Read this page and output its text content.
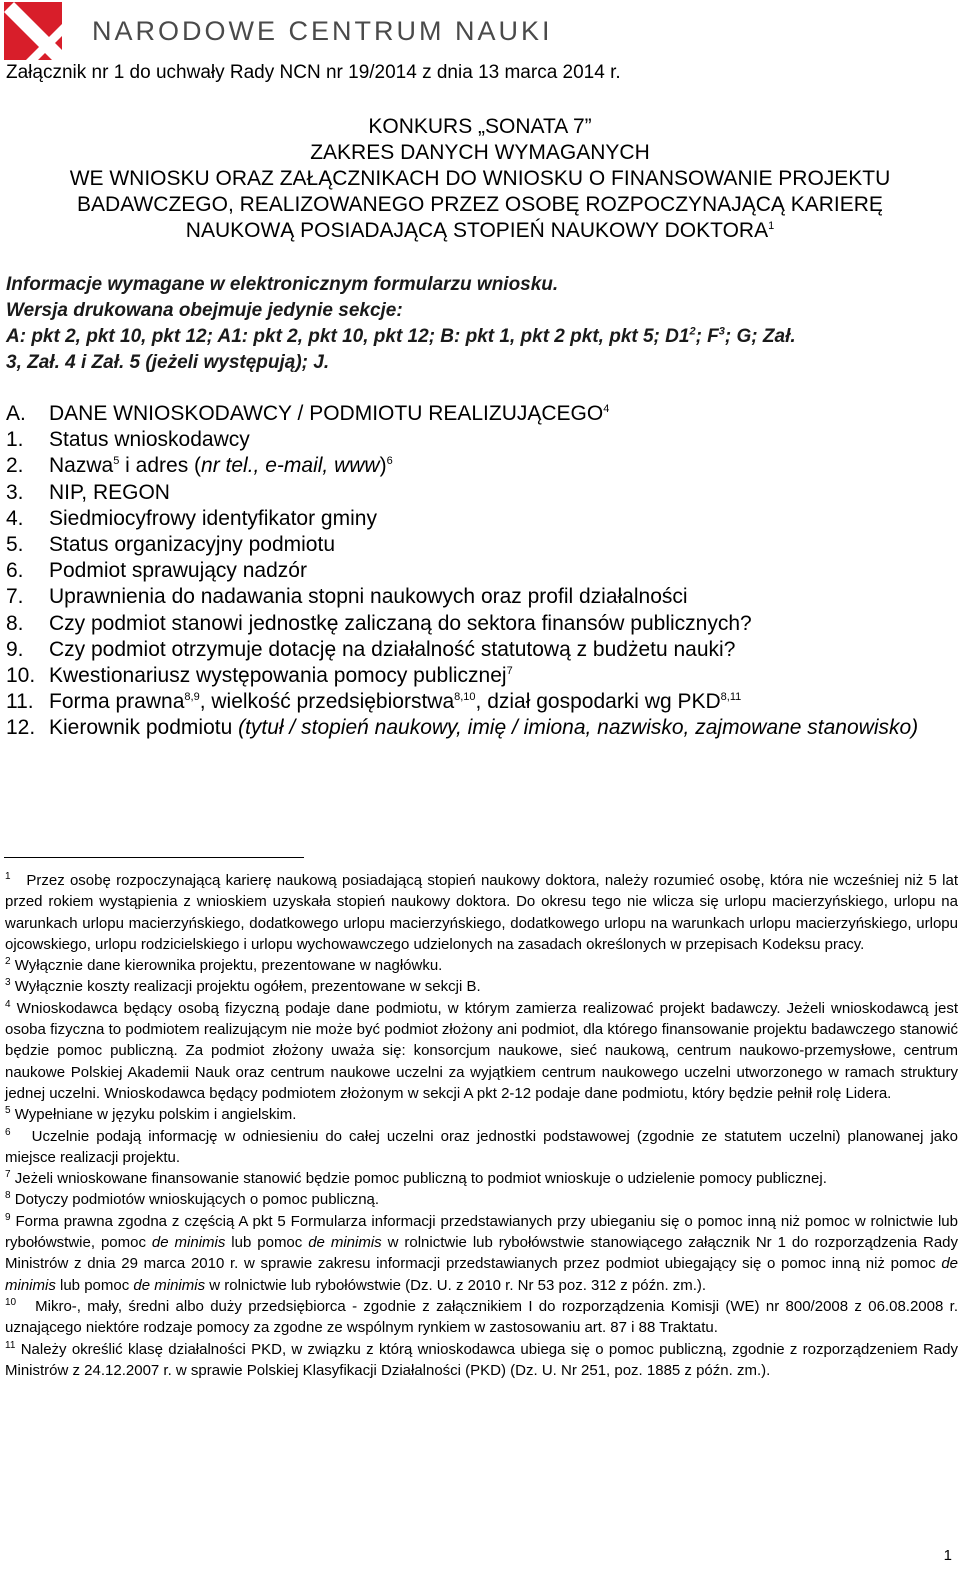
NARODOWE CENTRUM NAUKI
Załącznik nr 1 do uchwały Rady NCN nr 19/2014 z dnia 13 marca 2014 r.
KONKURS „SONATA 7”
ZAKRES DANYCH WYMAGANYCH
WE WNIOSKU ORAZ ZAŁĄCZNIKACH DO WNIOSKU O FINANSOWANIE PROJEKTU
BADAWCZEGO, REALIZOWANEGO PRZEZ OSOBĘ ROZPOCZYNAJĄCĄ KARIERĘ
NAUKOWĄ POSIADAJĄCĄ STOPIEŃ NAUKOWY DOKTORA$^1$
Informacje wymagane w elektronicznym formularzu wniosku.
Wersja drukowana obejmuje jedynie sekcje:
A: pkt 2, pkt 10, pkt 12; A1: pkt 2, pkt 10, pkt 12; B: pkt 1, pkt 2 pkt, pkt 5; $D1^2$; $F^3$; G; Zał.
3, Zał. 4 i Zał. 5 (jeżeli występują); J.
A. DANE WNIOSKODAWCY / PODMIOTU REALIZUJĄCEGO$^4$
1. Status wnioskodawcy
2. Nazwa$^5$ i adres (nr tel., e-mail, www)$^6$
3. NIP, REGON
4. Siedmiocyfrowy identyfikator gminy
5. Status organizacyjny podmiotu
6. Podmiot sprawujący nadzór
7. Uprawnienia do nadawania stopni naukowych oraz profil działalności
8. Czy podmiot stanowi jednostkę zaliczaną do sektora finansów publicznych?
9. Czy podmiot otrzymuje dotację na działalność statutową z budżetu nauki?
10. Kwestionariusz występowania pomocy publicznej$^7$
11. Forma prawna$^{8,9}$, wielkość przedsiębiorstwa$^{8,10}$, dział gospodarki wg PKD$^{8,11}$
12. Kierownik podmiotu (tytuł / stopień naukowy, imię / imiona, nazwisko, zajmowane stanowisko)

$^1$ Przez osobę rozpoczynającą karierę naukową posiadającą stopień naukowy doktora, należy rozumieć osobę, która nie wcześniej niż 5 lat przed rokiem wystąpienia z wnioskiem uzyskała stopień naukowy doktora. Do okresu tego nie wlicza się urlopu macierzyńskiego, urlopu na warunkach urlopu macierzyńskiego, dodatkowego urlopu macierzyńskiego, dodatkowego urlopu na warunkach urlopu macierzyńskiego, urlopu ojcowskiego, urlopu rodzicielskiego i urlopu wychowawczego udzielonych na zasadach określonych w przepisach Kodeksu pracy.

$^2$ Wyłącznie dane kierownika projektu, prezentowane w nagłówku.

$^3$ Wyłącznie koszty realizacji projektu ogółem, prezentowane w sekcji B.

$^4$ Wnioskodawca będący osobą fizyczną podaje dane podmiotu, w którym zamierza realizować projekt badawczy. Jeżeli wnioskodawcą jest osoba fizyczna to podmiotem realizującym nie może być podmiot złożony ani podmiot, dla którego finansowanie projektu badawczego stanowić będzie pomoc publiczną. Za podmiot złożony uważa się: konsorcjum naukowe, sieć naukową, centrum naukowo-przemysłowe, centrum naukowe Polskiej Akademii Nauk oraz centrum naukowe uczelni za wyjątkiem centrum naukowego uczelni utworzonego w ramach struktury jednej uczelni. Wnioskodawca będący podmiotem złożonym w sekcji A pkt 2-12 podaje dane podmiotu, który będzie pełnił rolę Lidera.

$^5$ Wypełniane w języku polskim i angielskim.

$^6$ Uczelnie podają informację w odniesieniu do całej uczelni oraz jednostki podstawowej (zgodnie ze statutem uczelni) planowanej jako miejsce realizacji projektu.

$^7$ Jeżeli wnioskowane finansowanie stanowić będzie pomoc publiczną to podmiot wnioskuje o udzielenie pomocy publicznej.

$^8$ Dotyczy podmiotów wnioskujących o pomoc publiczną.

$^9$ Forma prawna zgodna z częścią A pkt 5 Formularza informacji przedstawianych przy ubieganiu się o pomoc inną niż pomoc w rolnictwie lub rybołówstwie, pomoc de minimis lub pomoc de minimis w rolnictwie lub rybołówstwie stanowiącego załącznik Nr 1 do rozporządzenia Rady Ministrów z dnia 29 marca 2010 r. w sprawie zakresu informacji przedstawianych przez podmiot ubiegający się o pomoc inną niż pomoc de minimis lub pomoc de minimis w rolnictwie lub rybołówstwie (Dz. U. z 2010 r. Nr 53 poz. 312 z późn. zm.).

$^{10}$ Mikro-, mały, średni albo duży przedsiębiorca - zgodnie z załącznikiem I do rozporządzenia Komisji (WE) nr 800/2008 z 06.08.2008 r. uznającego niektóre rodzaje pomocy za zgodne ze wspólnym rynkiem w zastosowaniu art. 87 i 88 Traktatu.

$^{11}$ Należy określić klasę działalności PKD, w związku z którą wnioskodawca ubiega się o pomoc publiczną, zgodnie z rozporządzeniem Rady Ministrów z 24.12.2007 r. w sprawie Polskiej Klasyfikacji Działalności (PKD) (Dz. U. Nr 251, poz. 1885 z późn. zm.).

1
